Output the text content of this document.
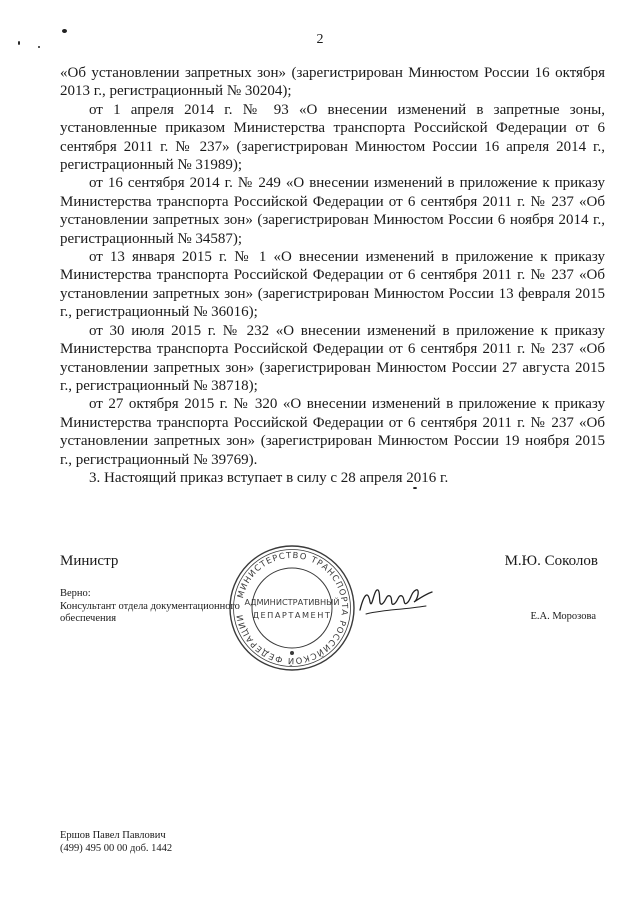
2

«Об установлении запретных зон» (зарегистрирован Минюстом России 16 октября 2013 г., регистрационный № 30204);

от 1 апреля 2014 г. № 93 «О внесении изменений в запретные зоны, установленные приказом Министерства транспорта Российской Федерации от 6 сентября 2011 г. № 237» (зарегистрирован Минюстом России 16 апреля 2014 г., регистрационный № 31989);

от 16 сентября 2014 г. № 249 «О внесении изменений в приложение к приказу Министерства транспорта Российской Федерации от 6 сентября 2011 г. № 237 «Об установлении запретных зон» (зарегистрирован Минюстом России 6 ноября 2014 г., регистрационный № 34587);

от 13 января 2015 г. № 1 «О внесении изменений в приложение к приказу Министерства транспорта Российской Федерации от 6 сентября 2011 г. № 237 «Об установлении запретных зон» (зарегистрирован Минюстом России 13 февраля 2015 г., регистрационный № 36016);

от 30 июля 2015 г. № 232 «О внесении изменений в приложение к приказу Министерства транспорта Российской Федерации от 6 сентября 2011 г. № 237 «Об установлении запретных зон» (зарегистрирован Минюстом России 27 августа 2015 г., регистрационный № 38718);

от 27 октября 2015 г. № 320 «О внесении изменений в приложение к приказу Министерства транспорта Российской Федерации от 6 сентября 2011 г. № 237 «Об установлении запретных зон» (зарегистрирован Минюстом России 19 ноября 2015 г., регистрационный № 39769).

3. Настоящий приказ вступает в силу с 28 апреля 2016 г.

Министр	М.Ю. Соколов
Верно:
Консультант отдела документационного обеспечения	Е.А. Морозова
МИНИСТЕРСТВО ТРАНСПОРТА РОССИЙСКОЙ ФЕДЕРАЦИИ
АДМИНИСТРАТИВНЫЙ
ДЕПАРТАМЕНТ
Ершов Павел Павлович
(499) 495 00 00 доб. 1442
